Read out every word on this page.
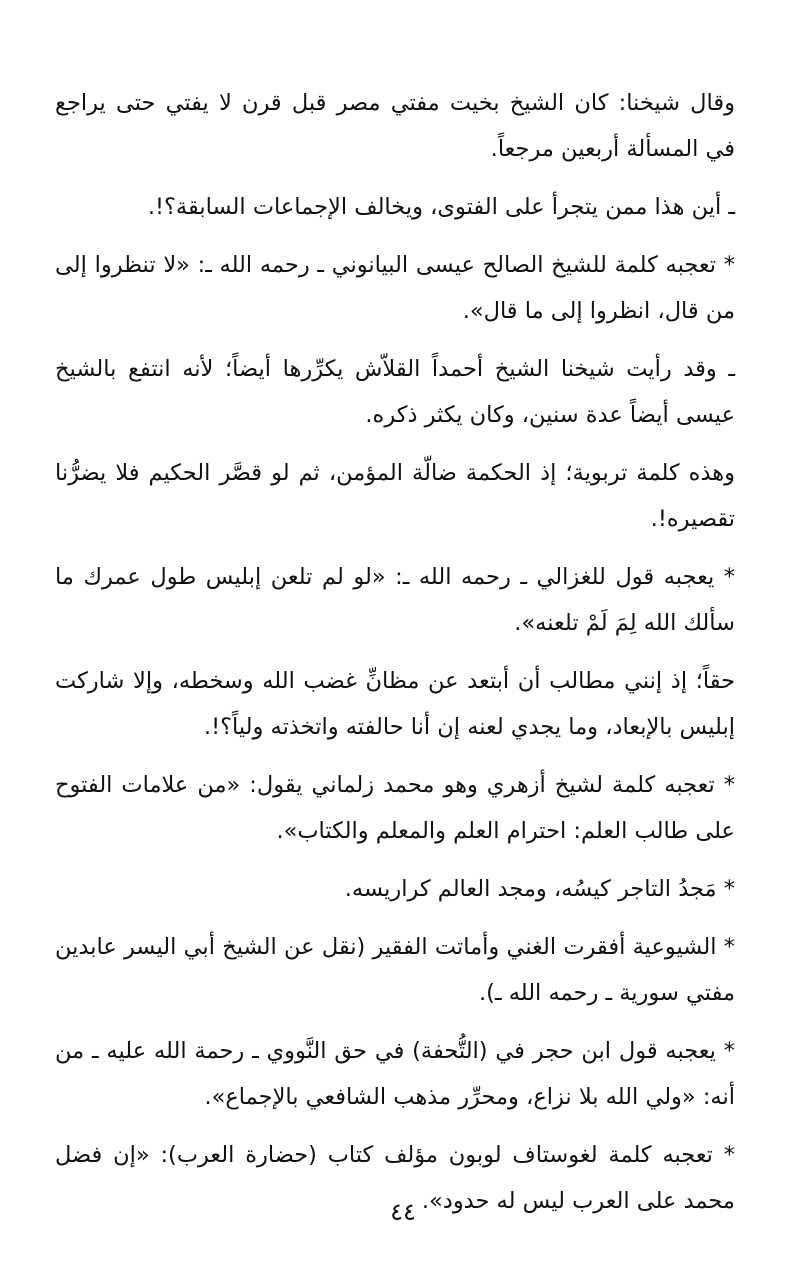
وقال شيخنا: كان الشيخ بخيت مفتي مصر قبل قرن لا يفتي حتى يراجع في المسألة أربعين مرجعاً.

ـ أين هذا ممن يتجرأ على الفتوى، ويخالف الإجماعات السابقة؟!.

* تعجبه كلمة للشيخ الصالح عيسى البيانوني ـ رحمه الله ـ: «لا تنظروا إلى من قال، انظروا إلى ما قال».

ـ وقد رأيت شيخنا الشيخ أحمداً القلاّش يكرِّرها أيضاً؛ لأنه انتفع بالشيخ عيسى أيضاً عدة سنين، وكان يكثر ذكره.

وهذه كلمة تربوية؛ إذ الحكمة ضالّة المؤمن، ثم لو قصَّر الحكيم فلا يضرُّنا تقصيره!.

* يعجبه قول للغزالي ـ رحمه الله ـ: «لو لم تلعن إبليس طول عمرك ما سألك الله لِمَ لَمْ تلعنه».

حقاً؛ إذ إنني مطالب أن أبتعد عن مظانِّ غضب الله وسخطه، وإلا شاركت إبليس بالإبعاد، وما يجدي لعنه إن أنا حالفته واتخذته ولياً؟!.

* تعجبه كلمة لشيخ أزهري وهو محمد زلماني يقول: «من علامات الفتوح على طالب العلم: احترام العلم والمعلم والكتاب».

* مَجدُ التاجر كيسُه، ومجد العالم كراريسه.

* الشيوعية أفقرت الغني وأماتت الفقير (نقل عن الشيخ أبي اليسر عابدين مفتي سورية ـ رحمه الله ـ).

* يعجبه قول ابن حجر في (التُّحفة) في حق النَّووي ـ رحمة الله عليه ـ من أنه: «ولي الله بلا نزاع، ومحرِّر مذهب الشافعي بالإجماع».

* تعجبه كلمة لغوستاف لوبون مؤلف كتاب (حضارة العرب): «إن فضل محمد على العرب ليس له حدود».

٤٤
